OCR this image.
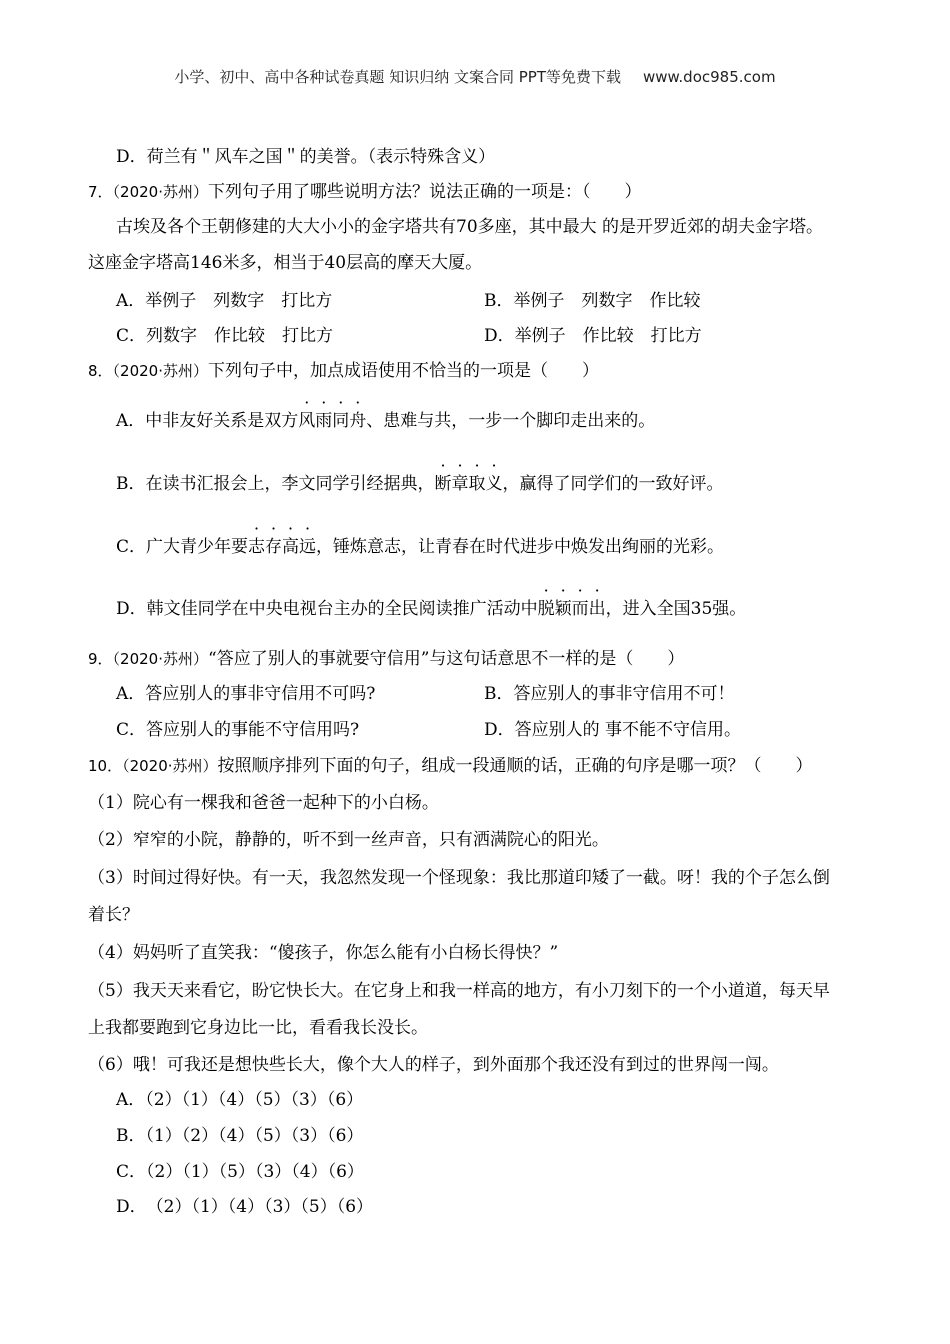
小学、初中、高中各种试卷真题 知识归纳 文案合同 PPT等免费下载 www.doc985.com
D．荷兰有＂风车之国＂的美誉。（表示特殊含义）
7．（2020·苏州）下列句子用了哪些说明方法？说法正确的一项是：（　　）
古埃及各个王朝修建的大大小小的金字塔共有70多座，其中最大 的是开罗近郊的胡夫金字塔。
这座金字塔高146米多，相当于40层高的摩天大厦。
A．举例子　列数字　打比方	B．举例子　列数字　作比较
C．列数字　作比较　打比方	D．举例子　作比较　打比方
8．（2020·苏州）下列句子中，加点成语使用不恰当的一项是（　　）
A．中非友好关系是双方风雨同舟、患难与共，一步一个脚印走出来的。
B．在读书汇报会上，李文同学引经据典，断章取义，赢得了同学们的一致好评。
C．广大青少年要志存高远，锤炼意志，让青春在时代进步中焕发出绚丽的光彩。
D．韩文佳同学在中央电视台主办的全民阅读推广活动中脱颖而出，进入全国35强。
9．（2020·苏州）“答应了别人的事就要守信用”与这句话意思不一样的是（　　）
A．答应别人的事非守信用不可吗?	B．答应别人的事非守信用不可！
C．答应别人的事能不守信用吗?	D．答应别人的 事不能不守信用。
10．（2020·苏州）按照顺序排列下面的句子，组成一段通顺的话，正确的句序是哪一项？（　　）
（1）院心有一棵我和爸爸一起种下的小白杨。
（2）窄窄的小院，静静的，听不到一丝声音，只有洒满院心的阳光。
（3）时间过得好快。有一天，我忽然发现一个怪现象：我比那道印矮了一截。呀！我的个子怎么倒
着长？
（4）妈妈听了直笑我：“傻孩子，你怎么能有小白杨长得快？”
（5）我天天来看它，盼它快长大。在它身上和我一样高的地方，有小刀刻下的一个小道道，每天早
上我都要跑到它身边比一比，看看我长没长。
（6）哦！可我还是想快些长大，像个大人的样子，到外面那个我还没有到过的世界闯一闯。
A．（2）（1）（4）（5）（3）（6）
B．（1）（2）（4）（5）（3）（6）
C．（2）（1）（5）（3）（4）（6）
D．　（2）（1）（4）（3）（5）（6）
